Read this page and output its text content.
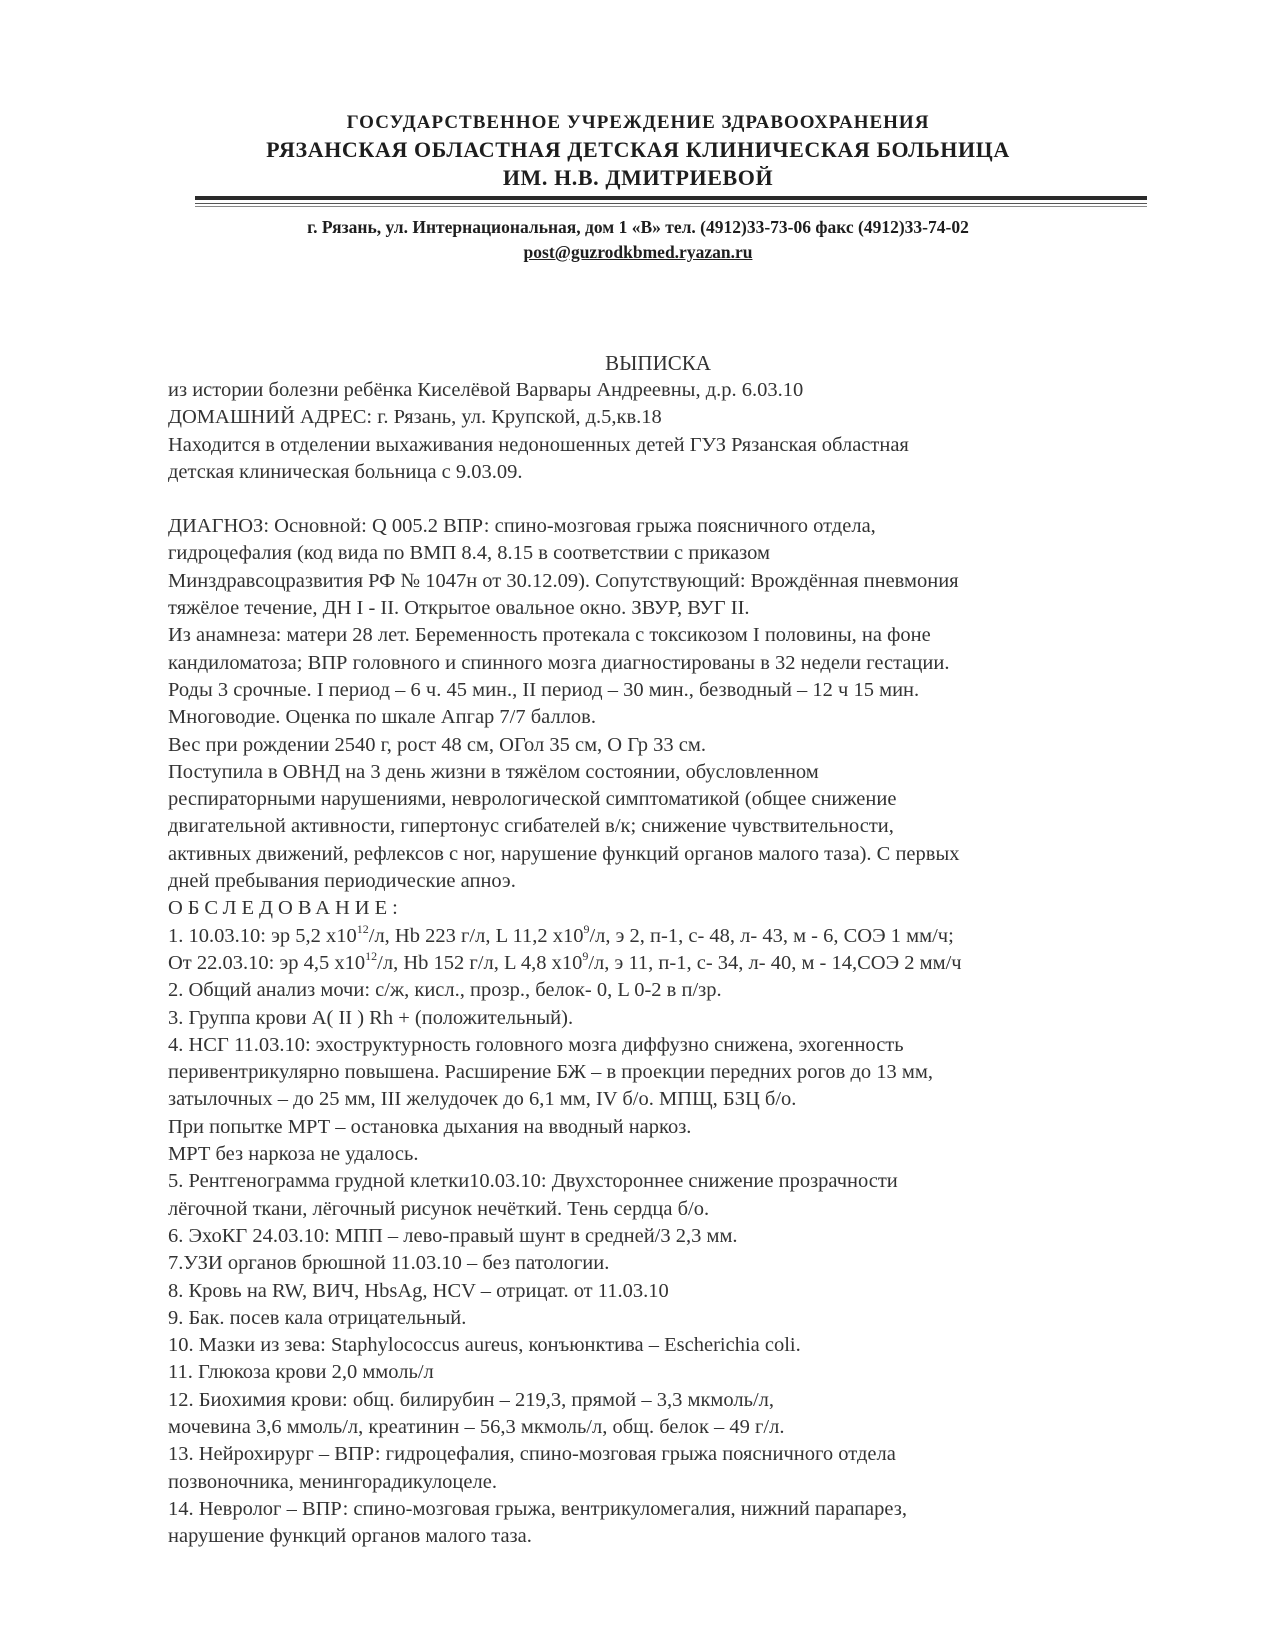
ГОСУДАРСТВЕННОЕ УЧРЕЖДЕНИЕ ЗДРАВООХРАНЕНИЯ
РЯЗАНСКАЯ ОБЛАСТНАЯ ДЕТСКАЯ КЛИНИЧЕСКАЯ БОЛЬНИЦА
ИМ. Н.В. ДМИТРИЕВОЙ
г. Рязань, ул. Интернациональная, дом 1 «В» тел. (4912)33-73-06 факс (4912)33-74-02
post@guzrodkbmed.ryazan.ru
ВЫПИСКА

из истории болезни ребёнка Киселёвой Варвары Андреевны, д.р. 6.03.10

ДОМАШНИЙ АДРЕС: г. Рязань, ул. Крупской, д.5,кв.18

Находится в отделении выхаживания недоношенных детей ГУЗ Рязанская областная

детская клиническая больница с 9.03.09.

ДИАГНОЗ: Основной: Q 005.2 ВПР: спино-мозговая грыжа поясничного отдела,

гидроцефалия (код вида по ВМП 8.4, 8.15 в соответствии с приказом

Минздравсоцразвития РФ № 1047н от 30.12.09). Сопутствующий: Врождённая пневмония

тяжёлое течение, ДН I - II. Открытое овальное окно. ЗВУР, ВУГ II.

Из анамнеза: матери 28 лет. Беременность протекала с токсикозом I половины, на фоне

кандиломатоза; ВПР головного и спинного мозга диагностированы в 32 недели гестации.

Роды 3 срочные. I период – 6 ч. 45 мин., II период – 30 мин., безводный – 12 ч 15 мин.

Многоводие. Оценка по шкале Апгар 7/7 баллов.

Вес при рождении 2540 г, рост 48 см, ОГол 35 см, О Гр 33 см.

Поступила в ОВНД на 3 день жизни в тяжёлом состоянии, обусловленном

респираторными нарушениями, неврологической симптоматикой (общее снижение

двигательной активности, гипертонус сгибателей в/к; снижение чувствительности,

активных движений, рефлексов с ног, нарушение функций органов малого таза). С первых

дней пребывания периодические апноэ.

ОБСЛЕДОВАНИЕ:

1. 10.03.10: эр 5,2 $х10^{12}/л$, Hb 223 г/л, L 11,2 $х10^9/л$, э 2, п-1, с- 48, л- 43, м - 6, СОЭ 1 мм/ч;

От 22.03.10: эр 4,5 $х10^{12}/л$, Hb 152 г/л, L 4,8 $х10^9/л$, э 11, п-1, с- 34, л- 40, м - 14,СОЭ 2 мм/ч

2. Общий анализ мочи: с/ж, кисл., прозр., белок- 0, L 0-2 в п/зр.

3. Группа крови А( II ) Rh + (положительный).

4. НСГ 11.03.10: эхоструктурность головного мозга диффузно снижена, эхогенность

перивентрикулярно повышена. Расширение БЖ – в проекции передних рогов до 13 мм,

затылочных – до 25 мм, III желудочек до 6,1 мм, IV б/о. МПЩ, БЗЦ б/о.

При попытке МРТ – остановка дыхания на вводный наркоз.

МРТ без наркоза не удалось.

5. Рентгенограмма грудной клетки10.03.10: Двухстороннее снижение прозрачности

лёгочной ткани, лёгочный рисунок нечёткий. Тень сердца б/о.

6. ЭхоКГ 24.03.10: МПП – лево-правый шунт в средней/3 2,3 мм.

7.УЗИ органов брюшной 11.03.10 – без патологии.

8. Кровь на RW, ВИЧ, HbsAg, HCV – отрицат. от 11.03.10

9. Бак. посев кала отрицательный.

10. Мазки из зева: Staphylococcus aureus, конъюнктива – Escherichia coli.

11. Глюкоза крови 2,0 ммоль/л

12. Биохимия крови: общ. билирубин – 219,3, прямой – 3,3 мкмоль/л,

мочевина 3,6 ммоль/л, креатинин – 56,3 мкмоль/л, общ. белок – 49 г/л.

13. Нейрохирург – ВПР: гидроцефалия, спино-мозговая грыжа поясничного отдела

позвоночника, менингорадикулоцеле.

14. Невролог – ВПР: спино-мозговая грыжа, вентрикуломегалия, нижний парапарез,

нарушение функций органов малого таза.
